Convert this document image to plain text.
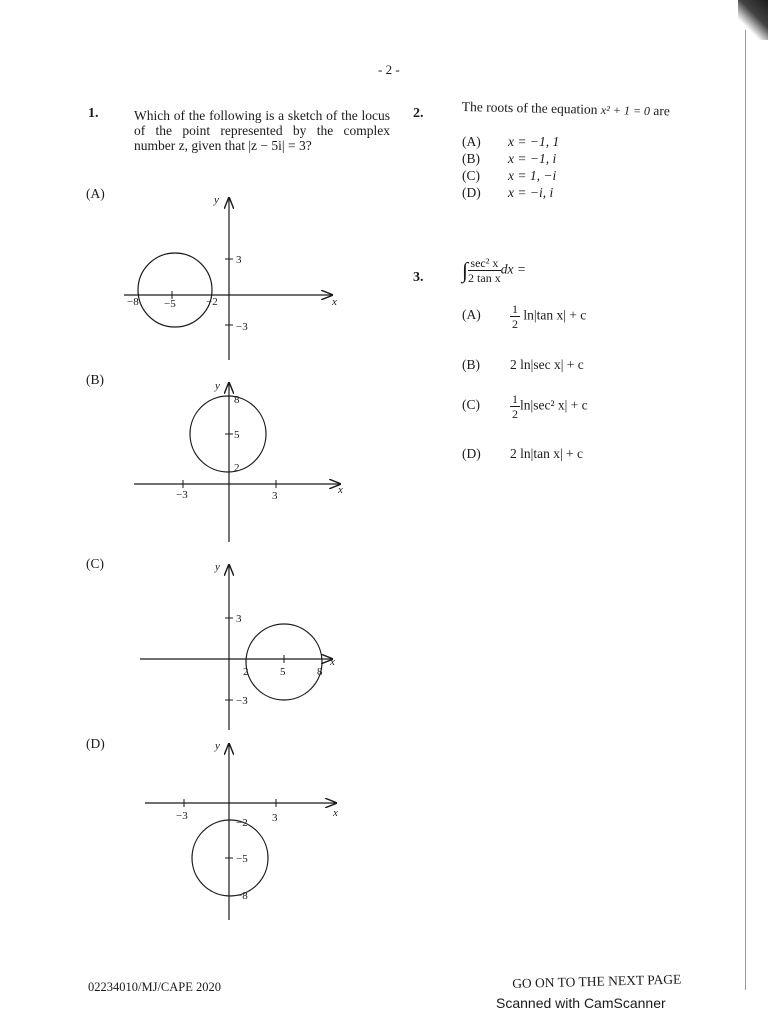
- 2 -
1.	Which of the following is a sketch of the locus of the point represented by the complex number z, given that |z − 5i| = 3?
(A)
(B)
(C)
(D)
x
y
3
−3
−8 −5	−2
x
y
8
5
2
−3	3
x
y
3
−3
2	5	8
x
y
−3	3
−2
−5
−8
2.	The roots of the equation x² + 1 = 0 are
(A) x = −1, 1
(B) x = −1, i
(C) x = 1, −i
(D) x = −i, i
3. ∫ $\frac{\text{sec² x}}{\text{2 tan x}}$ dx =
$(A) \frac{1}{2} \ln|\tan$ x| + c
(B) 2 ln|sec x| + c
(C)	$\frac{1}{2} \ln|\sec^2$ x| + c
(D) 2 ln|tan x| + c
02234010/MJ/CAPE 2020	GO ON TO THE NEXT PAGE
Scanned with CamScanner
